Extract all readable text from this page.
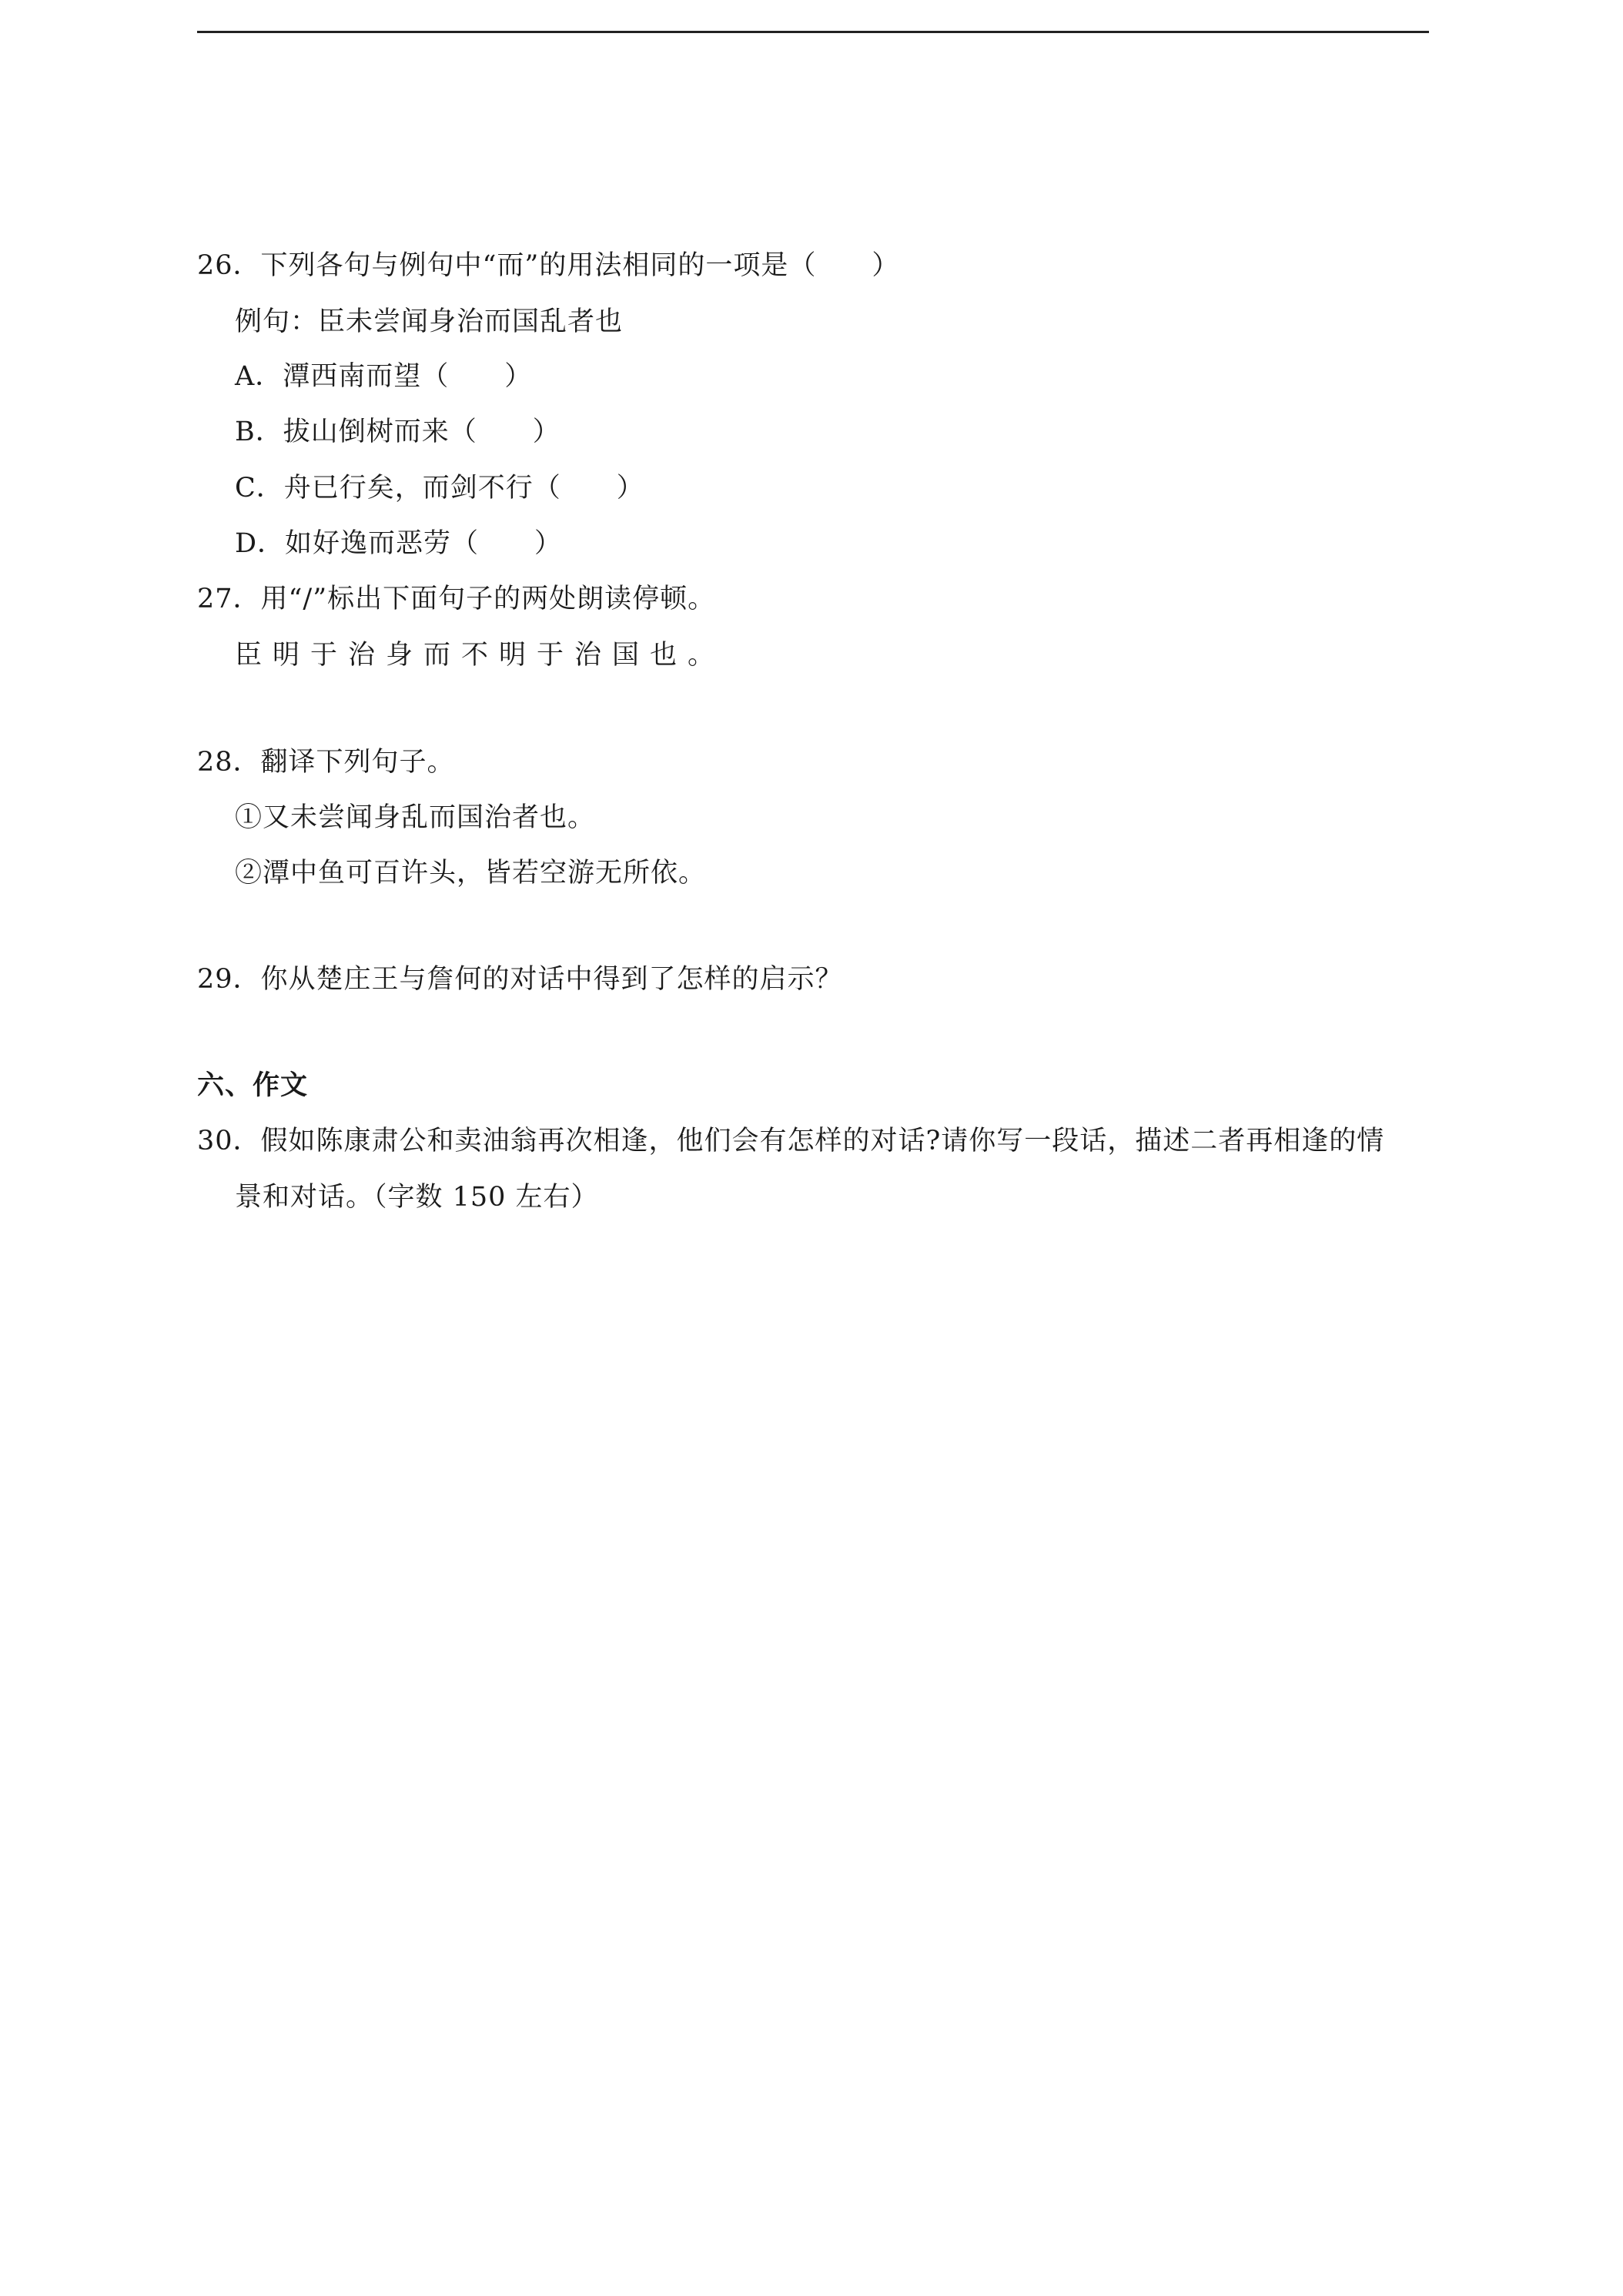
26．下列各句与例句中“而”的用法相同的一项是（　　）
例句：臣未尝闻身治而国乱者也
A．潭西南而望（　　）
B．拔山倒树而来（　　）
C．舟已行矣，而剑不行（　　）
D．如好逸而恶劳（　　）
27．用“/”标出下面句子的两处朗读停顿。
臣明于治身而不明于治国也。
28．翻译下列句子。
①又未尝闻身乱而国治者也。
②潭中鱼可百许头，皆若空游无所依。
29．你从楚庄王与詹何的对话中得到了怎样的启示？
六、作文
30．假如陈康肃公和卖油翁再次相逢，他们会有怎样的对话?请你写一段话，描述二者再相逢的情
景和对话。（字数 150 左右）
